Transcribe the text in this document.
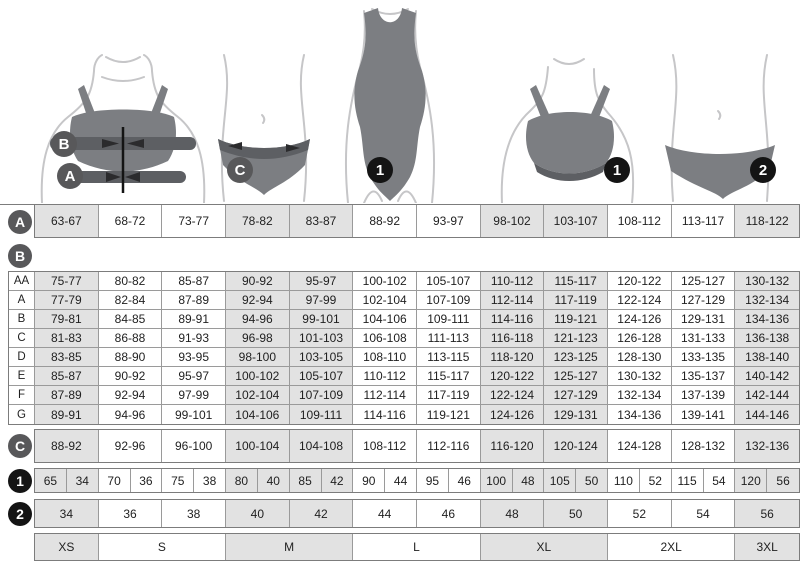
B
A	C	1	1	2
A	63-67	68-72	73-77	78-82	83-87	88-92	93-97	98-102	103-107	108-112	113-117	118-122
B
AA	75-77	80-82	85-87	90-92	95-97	100-102	105-107	110-112	115-117	120-122	125-127	130-132
A	77-79	82-84	87-89	92-94	97-99	102-104	107-109	112-114	117-119	122-124	127-129	132-134
B	79-81	84-85	89-91	94-96	99-101	104-106	109-111	114-116	119-121	124-126	129-131	134-136
C	81-83	86-88	91-93	96-98	101-103	106-108	111-113	116-118	121-123	126-128	131-133	136-138
D	83-85	88-90	93-95	98-100	103-105	108-110	113-115	118-120	123-125	128-130	133-135	138-140
E	85-87	90-92	95-97	100-102	105-107	110-112	115-117	120-122	125-127	130-132	135-137	140-142
F	87-89	92-94	97-99	102-104	107-109	112-114	117-119	122-124	127-129	132-134	137-139	142-144
G	89-91	94-96	99-101	104-106	109-111	114-116	119-121	124-126	129-131	134-136	139-141	144-146
C	88-92	92-96	96-100	100-104	104-108	108-112	112-116	116-120	120-124	124-128	128-132	132-136
1	65	34	70	36	75	38	80	40	85	42	90	44	95	46	100	48	105	50	110	52	115	54	120	56
2	34	36	38	40	42	44	46	48	50	52	54	56
XS	S	M	L	XL	2XL	3XL
